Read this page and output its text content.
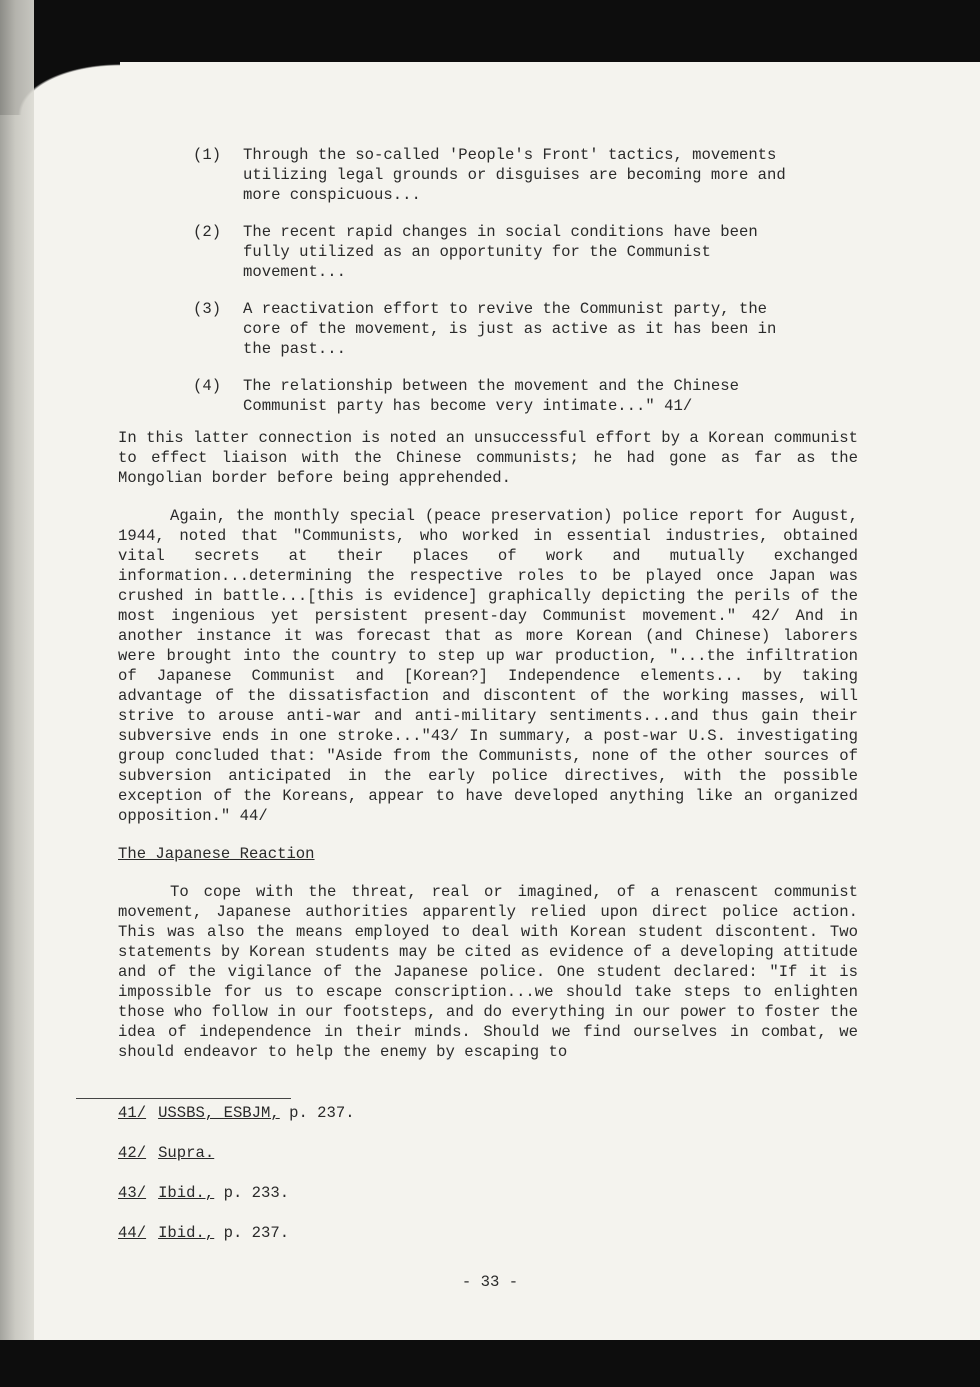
(1)	Through the so-called 'People's Front' tactics, movements utilizing legal grounds or disguises are becoming more and more conspicuous...
(2)	The recent rapid changes in social conditions have been fully utilized as an opportunity for the Communist movement...
(3)	A reactivation effort to revive the Communist party, the core of the movement, is just as active as it has been in the past...
(4)	The relationship between the movement and the Chinese Communist party has become very intimate..." 41/

In this latter connection is noted an unsuccessful effort by a Korean communist to effect liaison with the Chinese communists; he had gone as far as the Mongolian border before being apprehended.

Again, the monthly special (peace preservation) police report for August, 1944, noted that "Communists, who worked in essential industries, obtained vital secrets at their places of work and mutually exchanged information...determining the respective roles to be played once Japan was crushed in battle...[this is evidence] graphically depicting the perils of the most ingenious yet persistent present-day Communist movement." 42/ And in another instance it was forecast that as more Korean (and Chinese) laborers were brought into the country to step up war production, "...the infiltration of Japanese Communist and [Korean?] Independence elements... by taking advantage of the dissatisfaction and discontent of the working masses, will strive to arouse anti-war and anti-military sentiments...and thus gain their subversive ends in one stroke..."43/ In summary, a post-war U.S. investigating group concluded that: "Aside from the Communists, none of the other sources of subversion anticipated in the early police directives, with the possible exception of the Koreans, appear to have developed anything like an organized opposition." 44/

The Japanese Reaction

To cope with the threat, real or imagined, of a renascent communist movement, Japanese authorities apparently relied upon direct police action. This was also the means employed to deal with Korean student discontent. Two statements by Korean students may be cited as evidence of a developing attitude and of the vigilance of the Japanese police. One student declared: "If it is impossible for us to escape conscription...we should take steps to enlighten those who follow in our footsteps, and do everything in our power to foster the idea of independence in their minds. Should we find ourselves in combat, we should endeavor to help the enemy by escaping to

41/ USSBS, ESBJM, p. 237.
42/ Supra.
43/ Ibid., p. 233.
44/ Ibid., p. 237.
- 33 -
